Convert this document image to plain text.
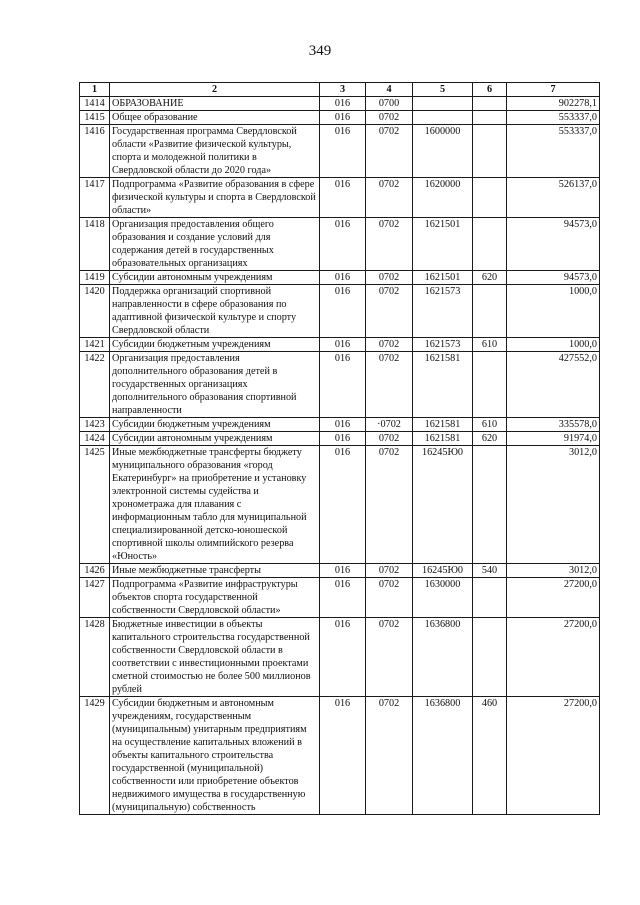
349
1	2	3	4	5	6	7
1414	ОБРАЗОВАНИЕ	016	0700			902278,1
1415	Общее образование	016	0702			553337,0
1416	Государственная программа Свердловской области «Развитие физической культуры, спорта и молодежной политики в Свердловской области до 2020 года»	016	0702	1600000		553337,0
1417	Подпрограмма «Развитие образования в сфере физической культуры и спорта в Свердловской области»	016	0702	1620000		526137,0
1418	Организация предоставления общего образования и создание условий для содержания детей в государственных образовательных организациях	016	0702	1621501		94573,0
1419	Субсидии автономным учреждениям	016	0702	1621501	620	94573,0
1420	Поддержка организаций спортивной направленности в сфере образования по адаптивной физической культуре и спорту Свердловской области	016	0702	1621573		1000,0
1421	Субсидии бюджетным учреждениям	016	0702	1621573	610	1000,0
1422	Организация предоставления дополнительного образования детей в государственных организациях дополнительного образования спортивной направленности	016	0702	1621581		427552,0
1423	Субсидии бюджетным учреждениям	016	·0702	1621581	610	335578,0
1424	Субсидии автономным учреждениям	016	0702	1621581	620	91974,0
1425	Иные межбюджетные трансферты бюджету муниципального образования «город Екатеринбург» на приобретение и установку электронной системы судейства и хронометража для плавания с информационным табло для муниципальной специализированной детско-юношеской спортивной школы олимпийского резерва «Юность»	016	0702	16245Ю0		3012,0
1426	Иные межбюджетные трансферты	016	0702	16245Ю0	540	3012,0
1427	Подпрограмма «Развитие инфраструктуры объектов спорта государственной собственности Свердловской области»	016	0702	1630000		27200,0
1428	Бюджетные инвестиции в объекты капитального строительства государственной собственности Свердловской области в соответствии с инвестиционными проектами сметной стоимостью не более 500 миллионов рублей	016	0702	1636800		27200,0
1429	Субсидии бюджетным и автономным учреждениям, государственным (муниципальным) унитарным предприятиям на осуществление капитальных вложений в объекты капитального строительства государственной (муниципальной) собственности или приобретение объектов недвижимого имущества в государственную (муниципальную) собственность	016	0702	1636800	460	27200,0
